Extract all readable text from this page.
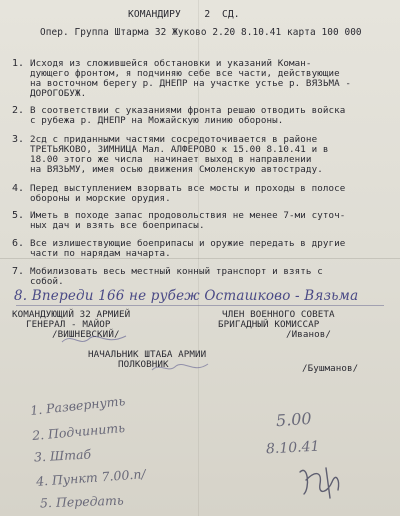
КОМАНДИРУ    2  СД.
Опер. Группа Штарма 32 Жуково 2.20 8.10.41 карта 100 000
1. Исходя из сложившейся обстановки и указаний Коман-
дующего фронтом, я подчиняю себе все части, действующие
на восточном берегу р. ДНЕПР на участке устье р. ВЯЗЬМА -
ДОРОГОБУЖ.
2. В соответствии с указаниями фронта решаю отводить войска
с рубежа р. ДНЕПР на Можайскую линию обороны.
3. 2сд с приданными частями сосредоточивается в районе
ТРЕТЬЯКОВО, ЗИМНИЦА Мал. АЛФЕРОВО к 15.00 8.10.41 и в
18.00 этого же числа  начинает выход в направлении
на ВЯЗЬМУ, имея осью движения Смоленскую автостраду.
4. Перед выступлением взорвать все мосты и проходы в полосе
обороны и морские орудия.
5. Иметь в походе запас продовольствия не менее 7-ми суточ-
ных дач и взять все боеприпасы.
6. Все излишествующие боеприпасы и оружие передать в другие
части по нарядам начарта.
7. Мобилизовать весь местный конный транспорт и взять с
собой.
8. Впереди 166 не рубеж Осташково - Вязьма
КОМАНДУЮЩИЙ 32 АРМИЕЙ
ГЕНЕРАЛ - МАЙОР
/ВИШНЕВСКИЙ/
ЧЛЕН ВОЕННОГО СОВЕТА
БРИГАДНЫЙ КОМИССАР
/Иванов/
НАЧАЛЬНИК ШТАБА АРМИИ
ПОЛКОВНИК	/Бушманов/
1. Развернуть
2. Подчинить
3. Штаб
4. Пункт 7.00.п/
5. Передать
5.00
8.10.41
